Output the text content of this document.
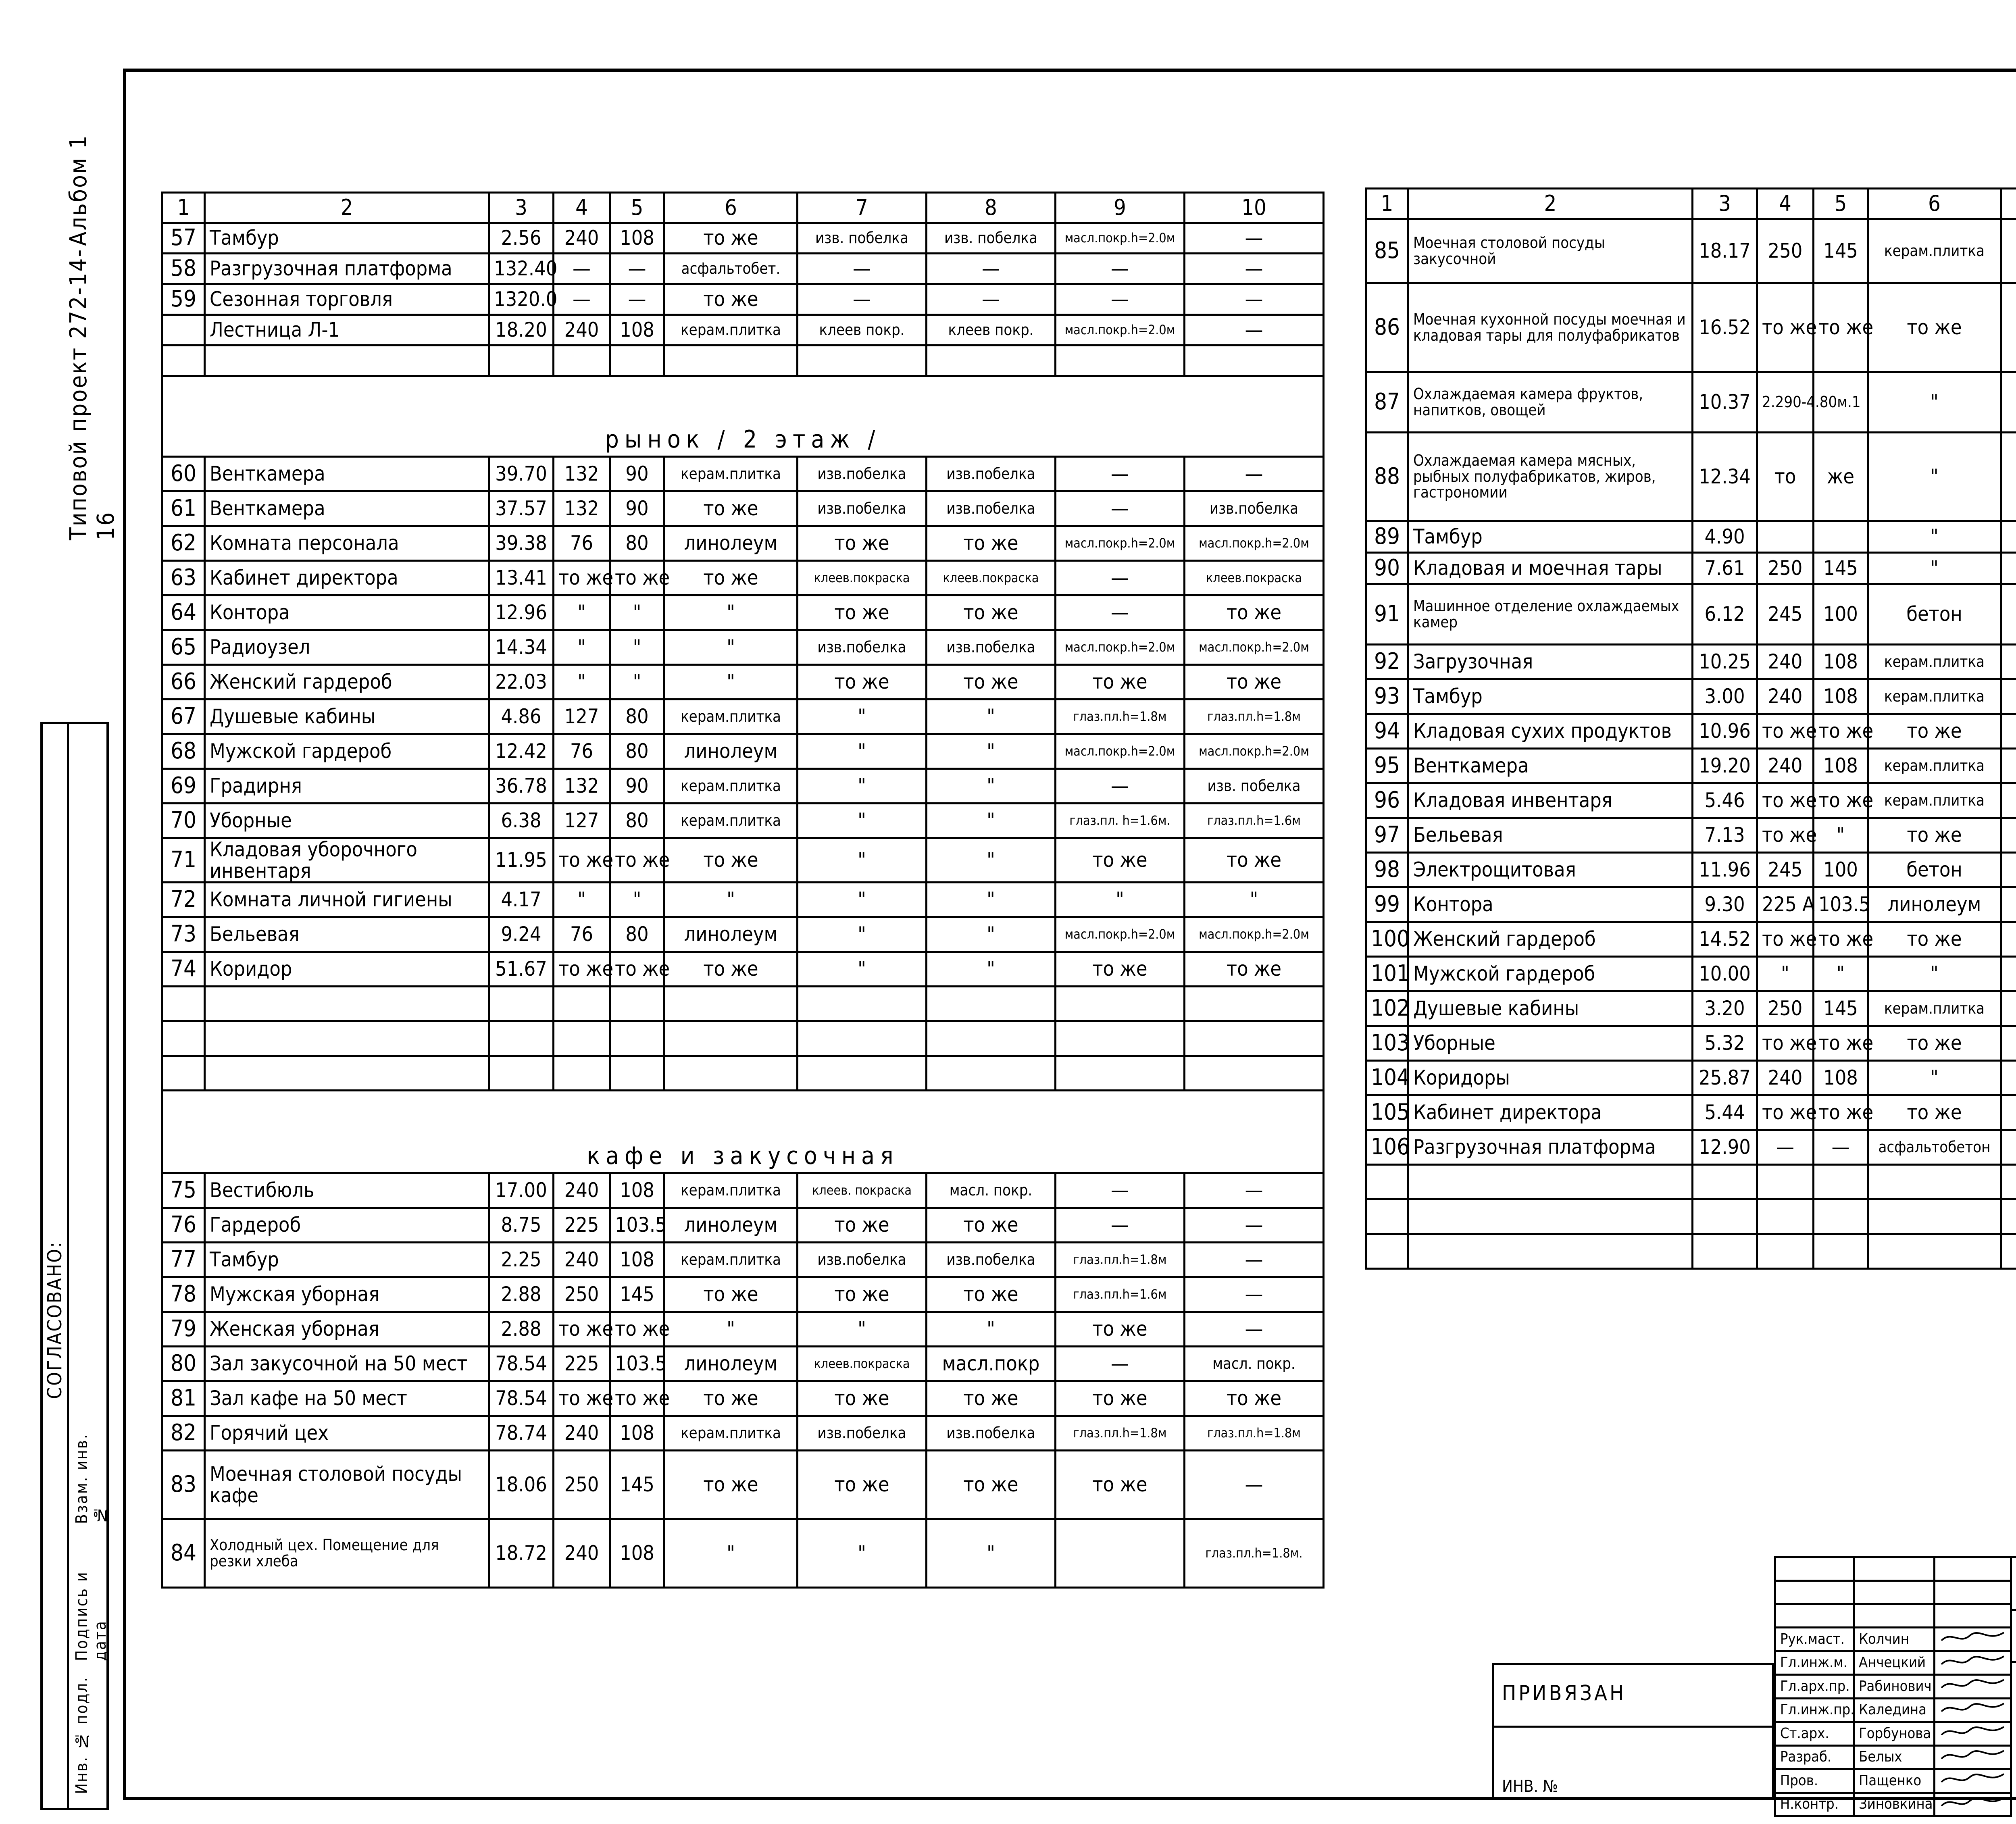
Альбом 1
Типовой проект 272-14-16
СОГЛАСОВАНО:
Взам. инв. №
Подпись и дата
Инв. № подл.
1	2	3	4	5	6	7	8	9	10
57	Тамбур	2.56	240	108	то же	изв. побелка	изв. побелка	масл.покр.h=2.0м	—
58	Разгрузочная платформа	132.40	—	—	асфальтобет.	—	—	—	—
59	Сезонная торговля	1320.0	—	—	то же	—	—	—	—
	Лестница Л-1	18.20	240	108	керам.плитка	клеев покр.	клеев покр.	масл.покр.h=2.0м	—

рынок / 2 этаж /									
60	Венткамера	39.70	132	90	керам.плитка	изв.побелка	изв.побелка	—	—
61	Венткамера	37.57	132	90	то же	изв.побелка	изв.побелка	—	изв.побелка
62	Комната персонала	39.38	76	80	линолеум	то же	то же	масл.покр.h=2.0м	масл.покр.h=2.0м
63	Кабинет директора	13.41	то же	то же	то же	клеев.покраска	клеев.покраска	—	клеев.покраска
64	Контора	12.96	"	"	"	то же	то же	—	то же
65	Радиоузел	14.34	"	"	"	изв.побелка	изв.побелка	масл.покр.h=2.0м	масл.покр.h=2.0м
66	Женский гардероб	22.03	"	"	"	то же	то же	то же	то же
67	Душевые кабины	4.86	127	80	керам.плитка	"	"	глаз.пл.h=1.8м	глаз.пл.h=1.8м
68	Мужской гардероб	12.42	76	80	линолеум	"	"	масл.покр.h=2.0м	масл.покр.h=2.0м
69	Градирня	36.78	132	90	керам.плитка	"	"	—	изв. побелка
70	Уборные	6.38	127	80	керам.плитка	"	"	глаз.пл. h=1.6м.	глаз.пл.h=1.6м
71	Кладовая уборочного инвентаря	11.95	то же	то же	то же	"	"	то же	то же
72	Комната личной гигиены	4.17	"	"	"	"	"	"	"
73	Бельевая	9.24	76	80	линолеум	"	"	масл.покр.h=2.0м	масл.покр.h=2.0м
74	Коридор	51.67	то же	то же	то же	"	"	то же	то же

кафе и закусочная									
75	Вестибюль	17.00	240	108	керам.плитка	клеев. покраска	масл. покр.	—	—
76	Гардероб	8.75	225	103.5	линолеум	то же	то же	—	—
77	Тамбур	2.25	240	108	керам.плитка	изв.побелка	изв.побелка	глаз.пл.h=1.8м	—
78	Мужская уборная	2.88	250	145	то же	то же	то же	глаз.пл.h=1.6м	—
79	Женская уборная	2.88	то же	то же	"	"	"	то же	—
80	Зал закусочной на 50 мест	78.54	225	103.5	линолеум	клеев.покраска	масл.покр	—	масл. покр.
81	Зал кафе на 50 мест	78.54	то же	то же	то же	то же	то же	то же	то же
82	Горячий цех	78.74	240	108	керам.плитка	изв.побелка	изв.побелка	глаз.пл.h=1.8м	глаз.пл.h=1.8м
83	Моечная столовой посуды кафе	18.06	250	145	то же	то же	то же	то же	—
84	Холодный цех. Помещение для резки хлеба	18.72	240	108	"	"	"		глаз.пл.h=1.8м.
1	2	3	4	5	6				
85	Моечная столовой посуды закусочной	18.17	250	145	керам.плитка				
86	Моечная кухонной посуды моечная и кладовая тары для полуфабрикатов	16.52	то же	то же	то же				
87	Охлаждаемая камера фруктов, напитков, овощей	10.37	2.290-4.80м.1		"				
88	Охлаждаемая камера мясных, рыбных полуфабрикатов, жиров, гастрономии	12.34	то	же	"				
89	Тамбур	4.90			"				
90	Кладовая и моечная тары	7.61	250	145	"				
91	Машинное отделение охлаждаемых камер	6.12	245	100	бетон				
92	Загрузочная	10.25	240	108	керам.плитка				
93	Тамбур	3.00	240	108	керам.плитка				
94	Кладовая сухих продуктов	10.96	то же	то же	то же				
95	Венткамера	19.20	240	108	керам.плитка				
96	Кладовая инвентаря	5.46	то же	то же	керам.плитка				
97	Бельевая	7.13	то же	"	то же				
98	Электрощитовая	11.96	245	100	бетон				
99	Контора	9.30	225 А	103.5	линолеум				
100	Женский гардероб	14.52	то же	то же	то же				
101	Мужской гардероб	10.00	"	"	"				
102	Душевые кабины	3.20	250	145	керам.плитка				
103	Уборные	5.32	то же	то же	то же				
104	Коридоры	25.87	240	108	"				
105	Кабинет директора	5.44	то же	то же	то же				
106	Разгрузочная платформа	12.90	—	—	асфальтобетон				

Рук.маст.	Колчин	
Гл.инж.м.	Анчецкий	
Гл.арх.пр.	Рабинович	
Гл.инж.пр.	Каледина	
Ст.арх.	Горбунова	
Разраб.	Белых	
Пров.	Пащенко	
Н.контр.	Зиновкина	
ПРИВЯЗАН
ИНВ. №
